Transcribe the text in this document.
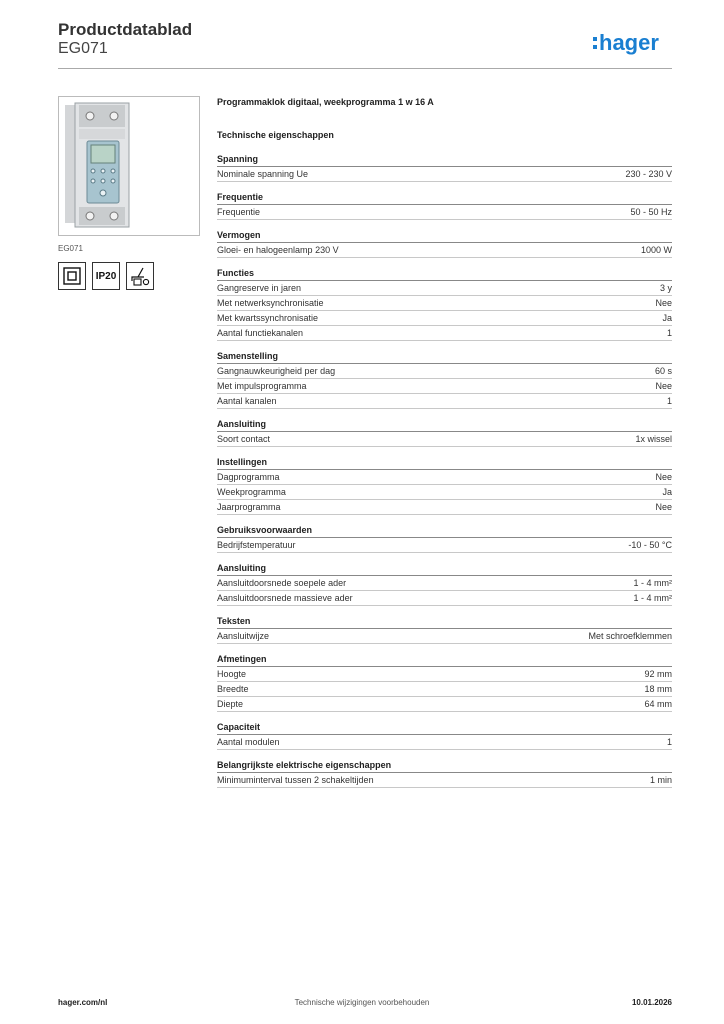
Productdatablad
EG071	hager
EG071
IP20
Programmaklok digitaal, weekprogramma 1 w 16 A
Technische eigenschappen
Spanning
Nominale spanning Ue	230 - 230 V
Frequentie
Frequentie	50 - 50 Hz
Vermogen
Gloei- en halogeenlamp 230 V	1000 W
Functies
Gangreserve in jaren	3 y
Met netwerksynchronisatie	Nee
Met kwartssynchronisatie	Ja
Aantal functiekanalen	1
Samenstelling
Gangnauwkeurigheid per dag	60 s
Met impulsprogramma	Nee
Aantal kanalen	1
Aansluiting
Soort contact	1x wissel
Instellingen
Dagprogramma	Nee
Weekprogramma	Ja
Jaarprogramma	Nee
Gebruiksvoorwaarden
Bedrijfstemperatuur	-10 - 50 °C
Aansluiting
Aansluitdoorsnede soepele ader	1 - 4 mm²
Aansluitdoorsnede massieve ader	1 - 4 mm²
Teksten
Aansluitwijze	Met schroefklemmen
Afmetingen
Hoogte	92 mm
Breedte	18 mm
Diepte	64 mm
Capaciteit
Aantal modulen	1
Belangrijkste elektrische eigenschappen
Minimuminterval tussen 2 schakeltijden	1 min
hager.com/nl	Technische wijzigingen voorbehouden	10.01.2026
